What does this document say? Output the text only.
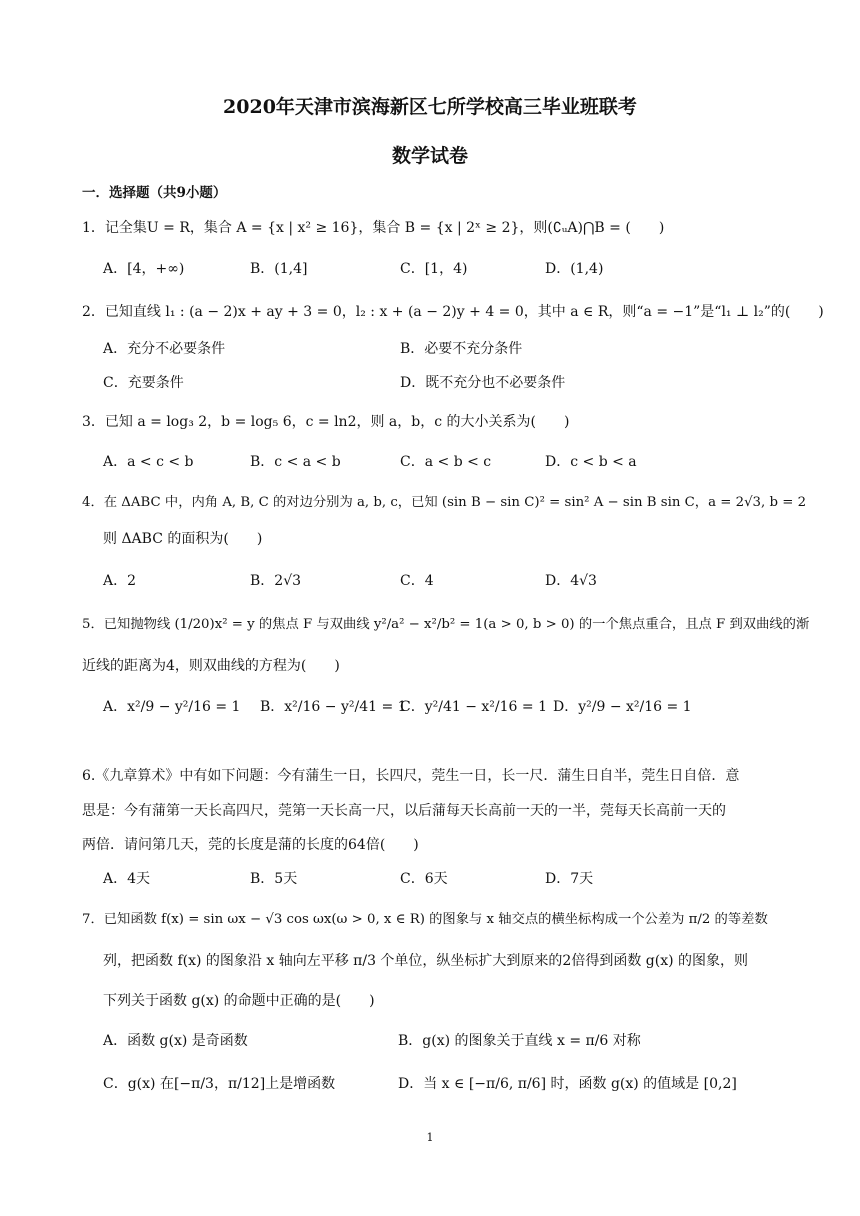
2020年天津市滨海新区七所学校高三毕业班联考
数学试卷
一．选择题（共9小题）
1．记全集U = R，集合 A = {x | x² ≥ 16}，集合 B = {x | 2ˣ ≥ 2}，则(∁ᵤA)⋂B = (　　)
A．[4，+∞)	B．(1,4]	C．[1，4)	D．(1,4)
2．已知直线 l₁ : (a − 2)x + ay + 3 = 0，l₂ : x + (a − 2)y + 4 = 0，其中 a ∈ R，则“a = −1”是“l₁ ⊥ l₂”的(　　)
A．充分不必要条件	B．必要不充分条件
C．充要条件	D．既不充分也不必要条件
3．已知 a = log₃ 2，b = log₅ 6，c = ln2，则 a，b，c 的大小关系为(　　)
A．a < c < b	B．c < a < b	C．a < b < c	D．c < b < a
4．在 ΔABC 中，内角 A, B, C 的对边分别为 a, b, c，已知 (sin B − sin C)² = sin² A − sin B sin C，a = 2√3, b = 2
则 ΔABC 的面积为(　　)
A．2	B．2√3	C．4	D．4√3
5．已知抛物线 (1/20)x² = y 的焦点 F 与双曲线 y²/a² − x²/b² = 1(a > 0, b > 0) 的一个焦点重合，且点 F 到双曲线的渐
近线的距离为4，则双曲线的方程为(　　)
A．x²/9 − y²/16 = 1 B．x²/16 − y²/41 = 1
C．y²/41 − x²/16 = 1 D．y²/9 − x²/16 = 1
6.《九章算术》中有如下问题：今有蒲生一日，长四尺，莞生一日，长一尺．蒲生日自半，莞生日自倍．意
思是：今有蒲第一天长高四尺，莞第一天长高一尺，以后蒲每天长高前一天的一半，莞每天长高前一天的
两倍．请问第几天，莞的长度是蒲的长度的64倍(　　)
A．4天	B．5天	C．6天	D．7天
7．已知函数 f(x) = sin ωx − √3 cos ωx(ω > 0, x ∈ R) 的图象与 x 轴交点的横坐标构成一个公差为 π/2 的等差数
列，把函数 f(x) 的图象沿 x 轴向左平移 π/3 个单位，纵坐标扩大到原来的2倍得到函数 g(x) 的图象，则
下列关于函数 g(x) 的命题中正确的是(　　)
A．函数 g(x) 是奇函数	B．g(x) 的图象关于直线 x = π/6 对称
C．g(x) 在[−π/3，π/12]上是增函数	D．当 x ∈ [−π/6, π/6] 时，函数 g(x) 的值域是 [0,2]
1
